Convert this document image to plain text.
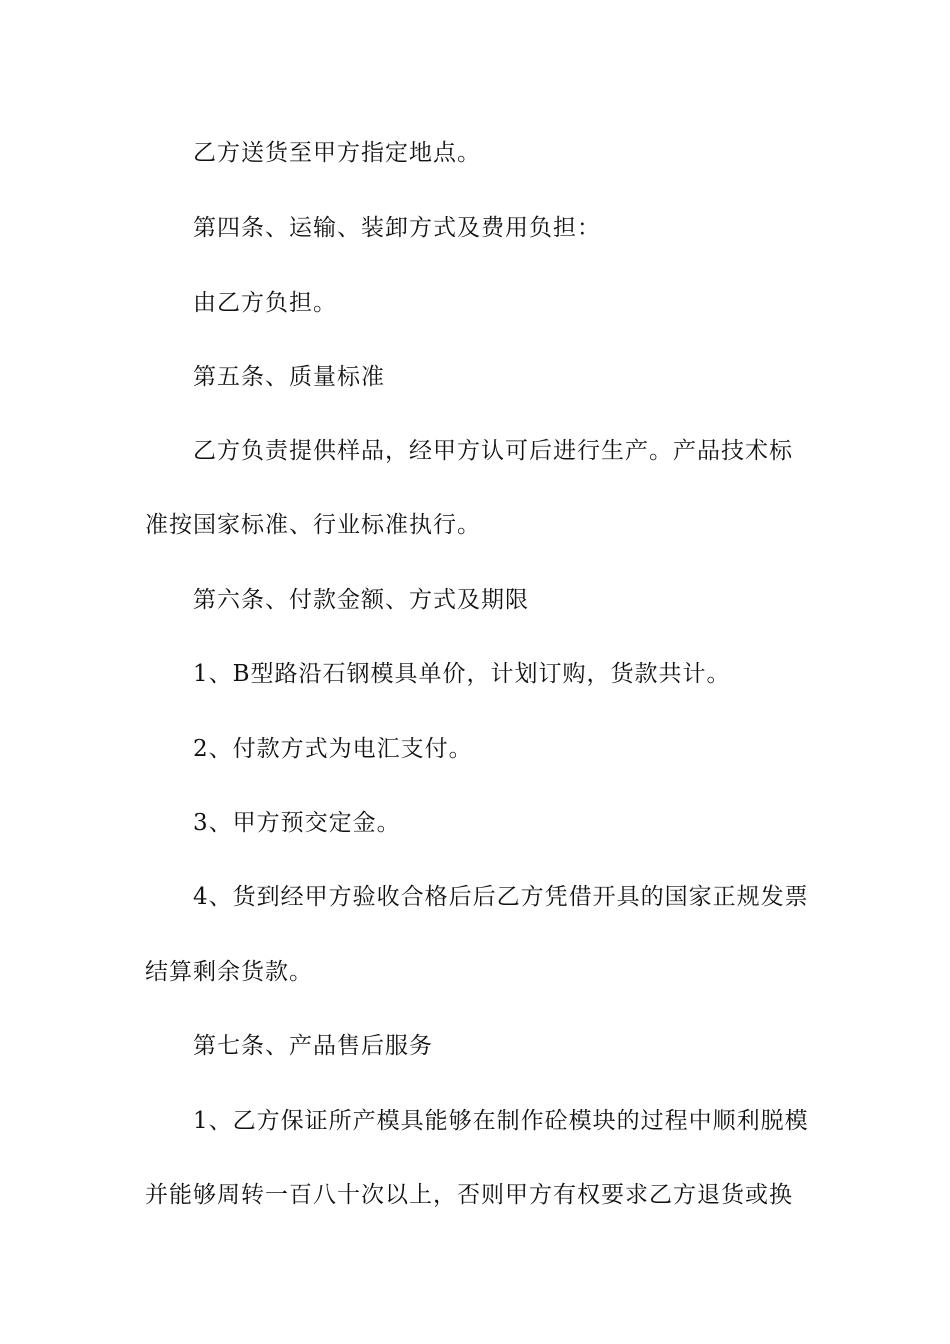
乙方送货至甲方指定地点。
第四条、运输、装卸方式及费用负担：
由乙方负担。
第五条、质量标准
乙方负责提供样品，经甲方认可后进行生产。产品技术标
准按国家标准、行业标准执行。
第六条、付款金额、方式及期限
1、B型路沿石钢模具单价，计划订购，货款共计。
2、付款方式为电汇支付。
3、甲方预交定金。
4、货到经甲方验收合格后后乙方凭借开具的国家正规发票
结算剩余货款。
第七条、产品售后服务
1、乙方保证所产模具能够在制作砼模块的过程中顺利脱模
并能够周转一百八十次以上，否则甲方有权要求乙方退货或换
